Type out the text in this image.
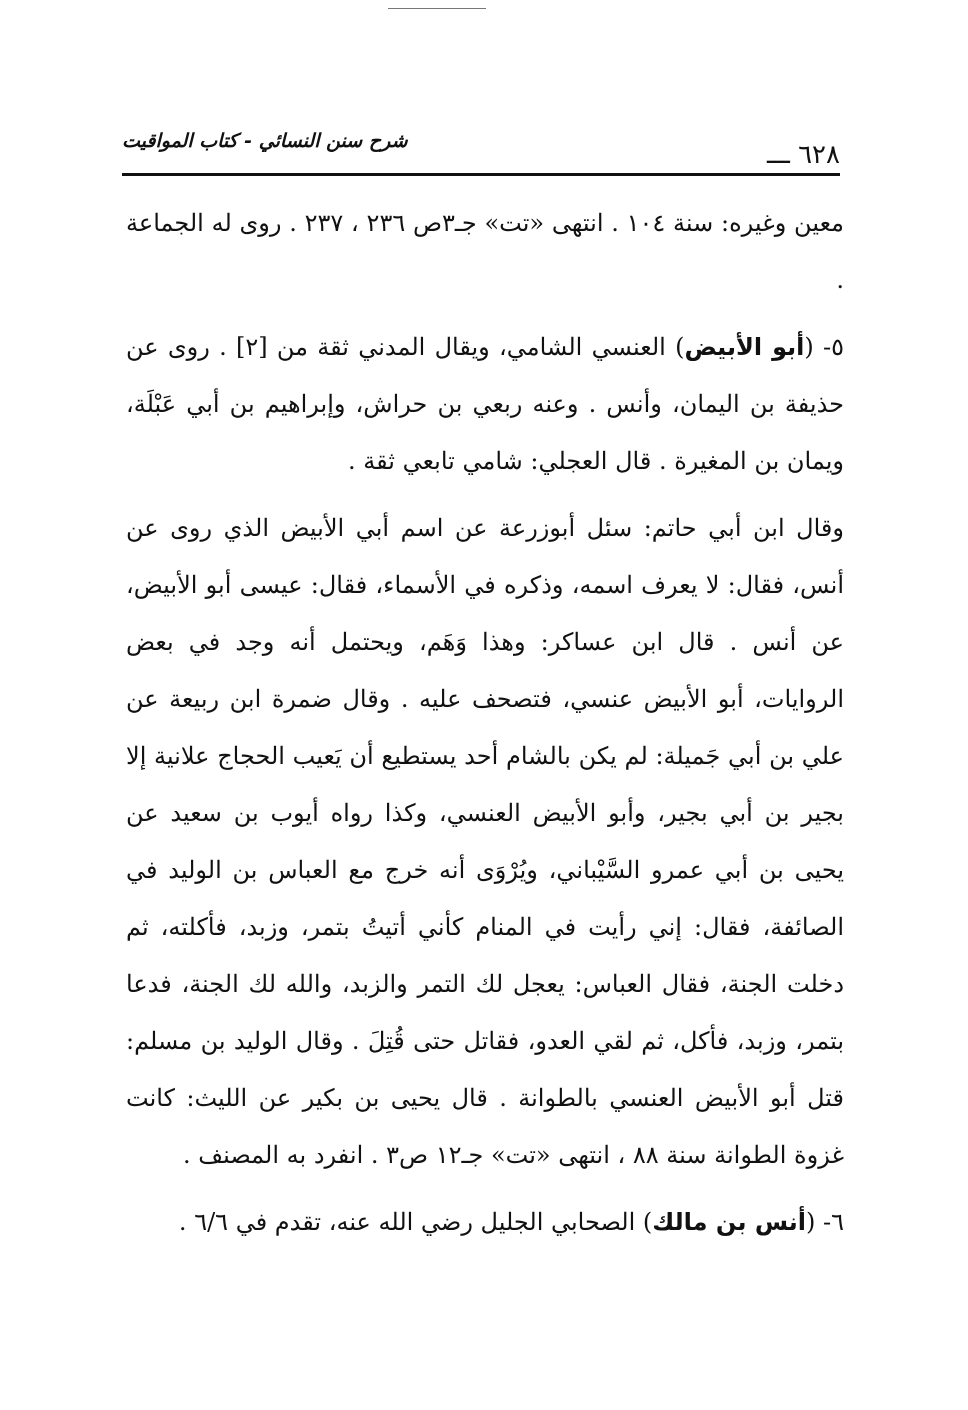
شرح سنن النسائي - كتاب المواقيت	٦٢٨ ـــ

معين وغيره: سنة ١٠٤ . انتهى «تت» جـ٣ص ٢٣٦ ، ٢٣٧ . روى له الجماعة .

٥- (أبو الأبيض) العنسي الشامي، ويقال المدني ثقة من [٢] . روى عن حذيفة بن اليمان، وأنس . وعنه ربعي بن حراش، وإبراهيم بن أبي عَبْلَة، ويمان بن المغيرة . قال العجلي: شامي تابعي ثقة .

وقال ابن أبي حاتم: سئل أبوزرعة عن اسم أبي الأبيض الذي روى عن أنس، فقال: لا يعرف اسمه، وذكره في الأسماء، فقال: عيسى أبو الأبيض، عن أنس . قال ابن عساكر: وهذا وَهَم، ويحتمل أنه وجد في بعض الروايات، أبو الأبيض عنسي، فتصحف عليه . وقال ضمرة ابن ربيعة عن علي بن أبي جَميلة: لم يكن بالشام أحد يستطيع أن يَعيب الحجاج علانية إلا بجير بن أبي بجير، وأبو الأبيض العنسي، وكذا رواه أيوب بن سعيد عن يحيى بن أبي عمرو السَّيْباني، ويُرْوَى أنه خرج مع العباس بن الوليد في الصائفة، فقال: إني رأيت في المنام كأني أتيتُ بتمر، وزبد، فأكلته، ثم دخلت الجنة، فقال العباس: يعجل لك التمر والزبد، والله لك الجنة، فدعا بتمر، وزبد، فأكل، ثم لقي العدو، فقاتل حتى قُتِلَ . وقال الوليد بن مسلم: قتل أبو الأبيض العنسي بالطوانة . قال يحيى بن بكير عن الليث: كانت غزوة الطوانة سنة ٨٨ ، انتهى «تت» جـ١٢ ص٣ . انفرد به المصنف .

٦- (أنس بن مالك) الصحابي الجليل رضي الله عنه، تقدم في ٦/٦ .
